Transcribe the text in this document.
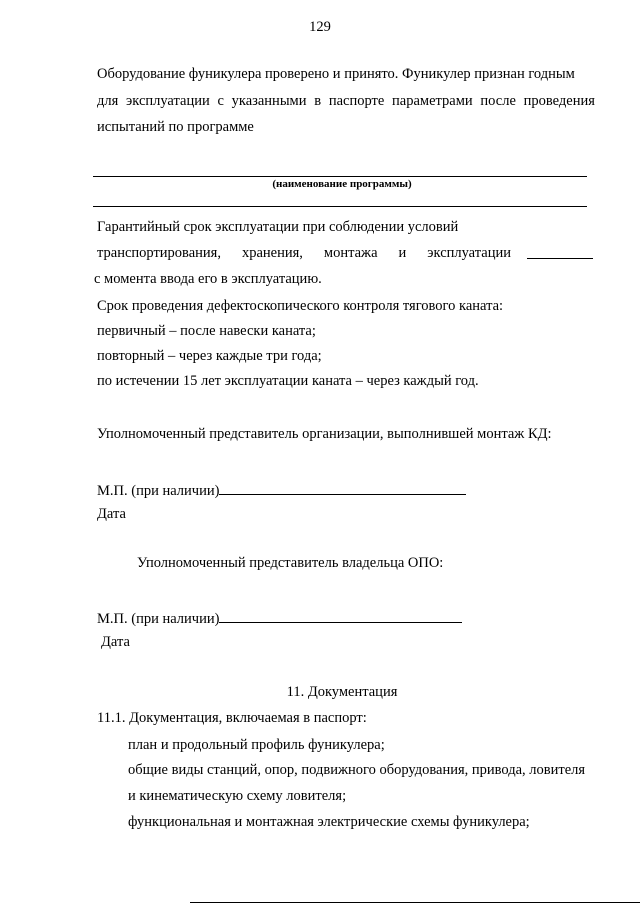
129
Оборудование фуникулера проверено и принято. Фуникулер признан годным
для эксплуатации с указанными в паспорте параметрами после проведения
испытаний по программе
(наименование программы)
Гарантийный срок эксплуатации при соблюдении условий
транспортирования, хранения, монтажа и эксплуатации
с момента ввода его в эксплуатацию.
Срок проведения дефектоскопического контроля тягового каната:
первичный – после навески каната;
повторный – через каждые три года;
по истечении 15 лет эксплуатации каната – через каждый год.
Уполномоченный представитель организации, выполнившей монтаж КД:
М.П. (при наличии)
Дата
Уполномоченный представитель владельца ОПО:
М.П. (при наличии)
Дата
11. Документация
11.1. Документация, включаемая в паспорт:
план и продольный профиль фуникулера;
общие виды станций, опор, подвижного оборудования, привода, ловителя
и кинематическую схему ловителя;
функциональная и монтажная электрические схемы фуникулера;
